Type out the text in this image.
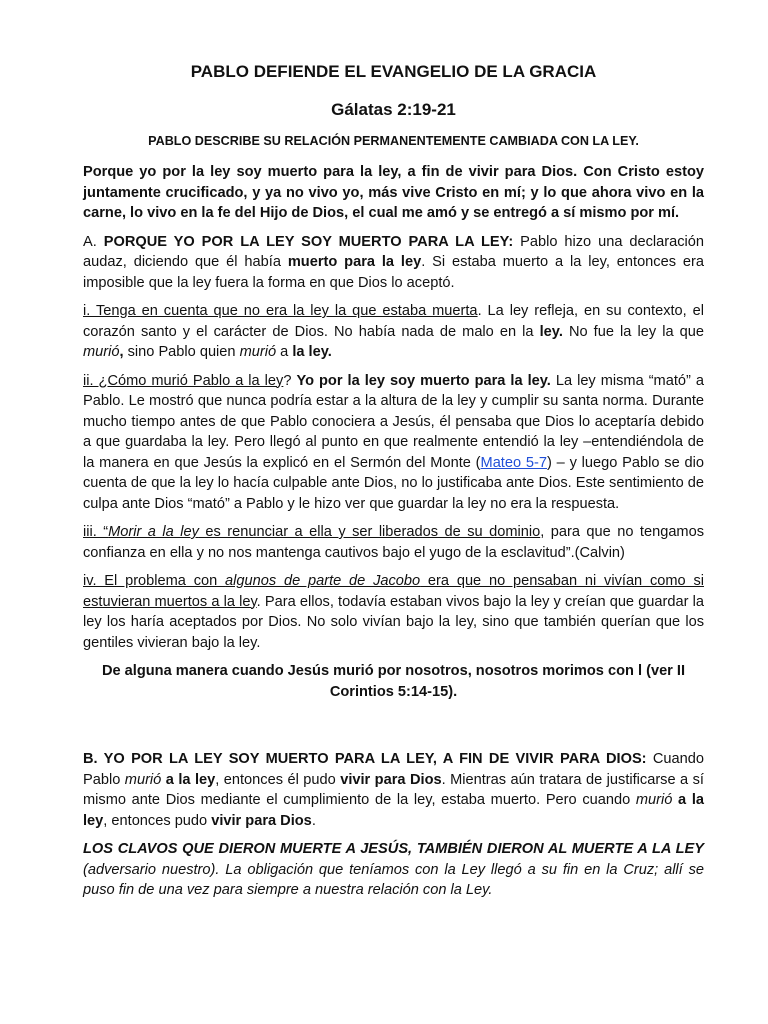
PABLO DEFIENDE EL EVANGELIO DE LA GRACIA
Gálatas 2:19-21
PABLO DESCRIBE SU RELACIÓN PERMANENTEMENTE CAMBIADA CON LA LEY.

Porque yo por la ley soy muerto para la ley, a fin de vivir para Dios. Con Cristo estoy juntamente crucificado, y ya no vivo yo, más vive Cristo en mí; y lo que ahora vivo en la carne, lo vivo en la fe del Hijo de Dios, el cual me amó y se entregó a sí mismo por mí.

A. PORQUE YO POR LA LEY SOY MUERTO PARA LA LEY: Pablo hizo una declaración audaz, diciendo que él había muerto para la ley. Si estaba muerto a la ley, entonces era imposible que la ley fuera la forma en que Dios lo aceptó.

i. Tenga en cuenta que no era la ley la que estaba muerta. La ley refleja, en su contexto, el corazón santo y el carácter de Dios. No había nada de malo en la ley. No fue la ley la que murió, sino Pablo quien murió a la ley.

ii. ¿Cómo murió Pablo a la ley? Yo por la ley soy muerto para la ley. La ley misma “mató” a Pablo. Le mostró que nunca podría estar a la altura de la ley y cumplir su santa norma. Durante mucho tiempo antes de que Pablo conociera a Jesús, él pensaba que Dios lo aceptaría debido a que guardaba la ley. Pero llegó al punto en que realmente entendió la ley –entendiéndola de la manera en que Jesús la explicó en el Sermón del Monte (Mateo 5-7) – y luego Pablo se dio cuenta de que la ley lo hacía culpable ante Dios, no lo justificaba ante Dios. Este sentimiento de culpa ante Dios “mató” a Pablo y le hizo ver que guardar la ley no era la respuesta.

iii. “Morir a la ley es renunciar a ella y ser liberados de su dominio, para que no tengamos confianza en ella y no nos mantenga cautivos bajo el yugo de la esclavitud”.(Calvin)

iv. El problema con algunos de parte de Jacobo era que no pensaban ni vivían como si estuvieran muertos a la ley. Para ellos, todavía estaban vivos bajo la ley y creían que guardar la ley los haría aceptados por Dios. No solo vivían bajo la ley, sino que también querían que los gentiles vivieran bajo la ley.

De alguna manera cuando Jesús murió por nosotros, nosotros morimos con l (ver II Corintios 5:14-15).

B. YO POR LA LEY SOY MUERTO PARA LA LEY, A FIN DE VIVIR PARA DIOS: Cuando Pablo murió a la ley, entonces él pudo vivir para Dios. Mientras aún tratara de justificarse a sí mismo ante Dios mediante el cumplimiento de la ley, estaba muerto. Pero cuando murió a la ley, entonces pudo vivir para Dios.

LOS CLAVOS QUE DIERON MUERTE A JESÚS, TAMBIÉN DIERON AL MUERTE A LA LEY (adversario nuestro). La obligación que teníamos con la Ley llegó a su fin en la Cruz; allí se puso fin de una vez para siempre a nuestra relación con la Ley.
